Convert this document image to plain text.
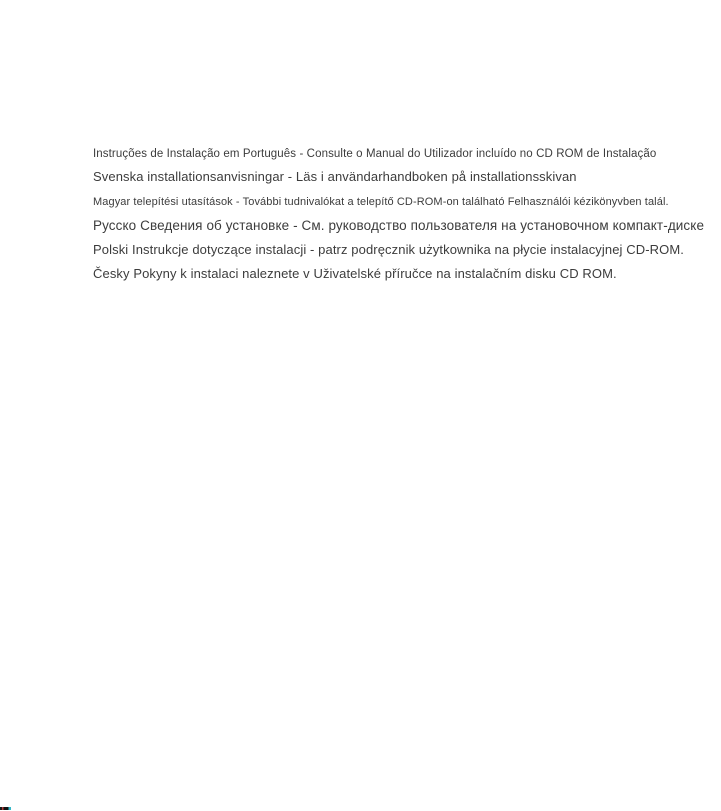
Instruções de Instalação em Português - Consulte o Manual do Utilizador incluído no CD ROM de Instalação

Svenska installationsanvisningar - Läs i användarhandboken på installationsskivan

Magyar telepítési utasítások - További tudnivalókat a telepítő CD-ROM-on található Felhasználói kézikönyvben talál.

Русско Сведения об установке - См. руководство пользователя на установочном компакт-диске

Polski Instrukcje dotyczące instalacji - patrz podręcznik użytkownika na płycie instalacyjnej CD-ROM.

Česky Pokyny k instalaci naleznete v Uživatelské příručce na instalačním disku CD ROM.
